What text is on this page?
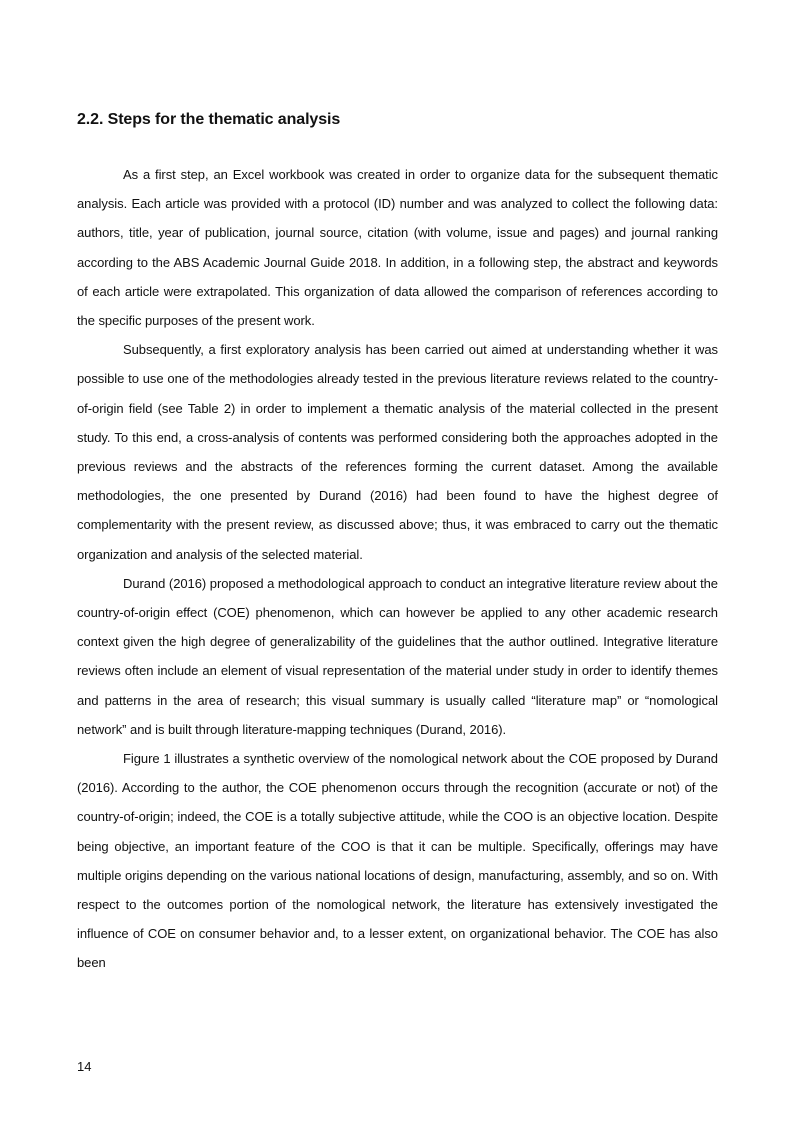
2.2. Steps for the thematic analysis

As a first step, an Excel workbook was created in order to organize data for the subsequent thematic analysis. Each article was provided with a protocol (ID) number and was analyzed to collect the following data: authors, title, year of publication, journal source, citation (with volume, issue and pages) and journal ranking according to the ABS Academic Journal Guide 2018. In addition, in a following step, the abstract and keywords of each article were extrapolated. This organization of data allowed the comparison of references according to the specific purposes of the present work.

Subsequently, a first exploratory analysis has been carried out aimed at understanding whether it was possible to use one of the methodologies already tested in the previous literature reviews related to the country-of-origin field (see Table 2) in order to implement a thematic analysis of the material collected in the present study. To this end, a cross-analysis of contents was performed considering both the approaches adopted in the previous reviews and the abstracts of the references forming the current dataset. Among the available methodologies, the one presented by Durand (2016) had been found to have the highest degree of complementarity with the present review, as discussed above; thus, it was embraced to carry out the thematic organization and analysis of the selected material.

Durand (2016) proposed a methodological approach to conduct an integrative literature review about the country-of-origin effect (COE) phenomenon, which can however be applied to any other academic research context given the high degree of generalizability of the guidelines that the author outlined. Integrative literature reviews often include an element of visual representation of the material under study in order to identify themes and patterns in the area of research; this visual summary is usually called “literature map” or “nomological network” and is built through literature-mapping techniques (Durand, 2016).

Figure 1 illustrates a synthetic overview of the nomological network about the COE proposed by Durand (2016). According to the author, the COE phenomenon occurs through the recognition (accurate or not) of the country-of-origin; indeed, the COE is a totally subjective attitude, while the COO is an objective location. Despite being objective, an important feature of the COO is that it can be multiple. Specifically, offerings may have multiple origins depending on the various national locations of design, manufacturing, assembly, and so on. With respect to the outcomes portion of the nomological network, the literature has extensively investigated the influence of COE on consumer behavior and, to a lesser extent, on organizational behavior. The COE has also been

14
